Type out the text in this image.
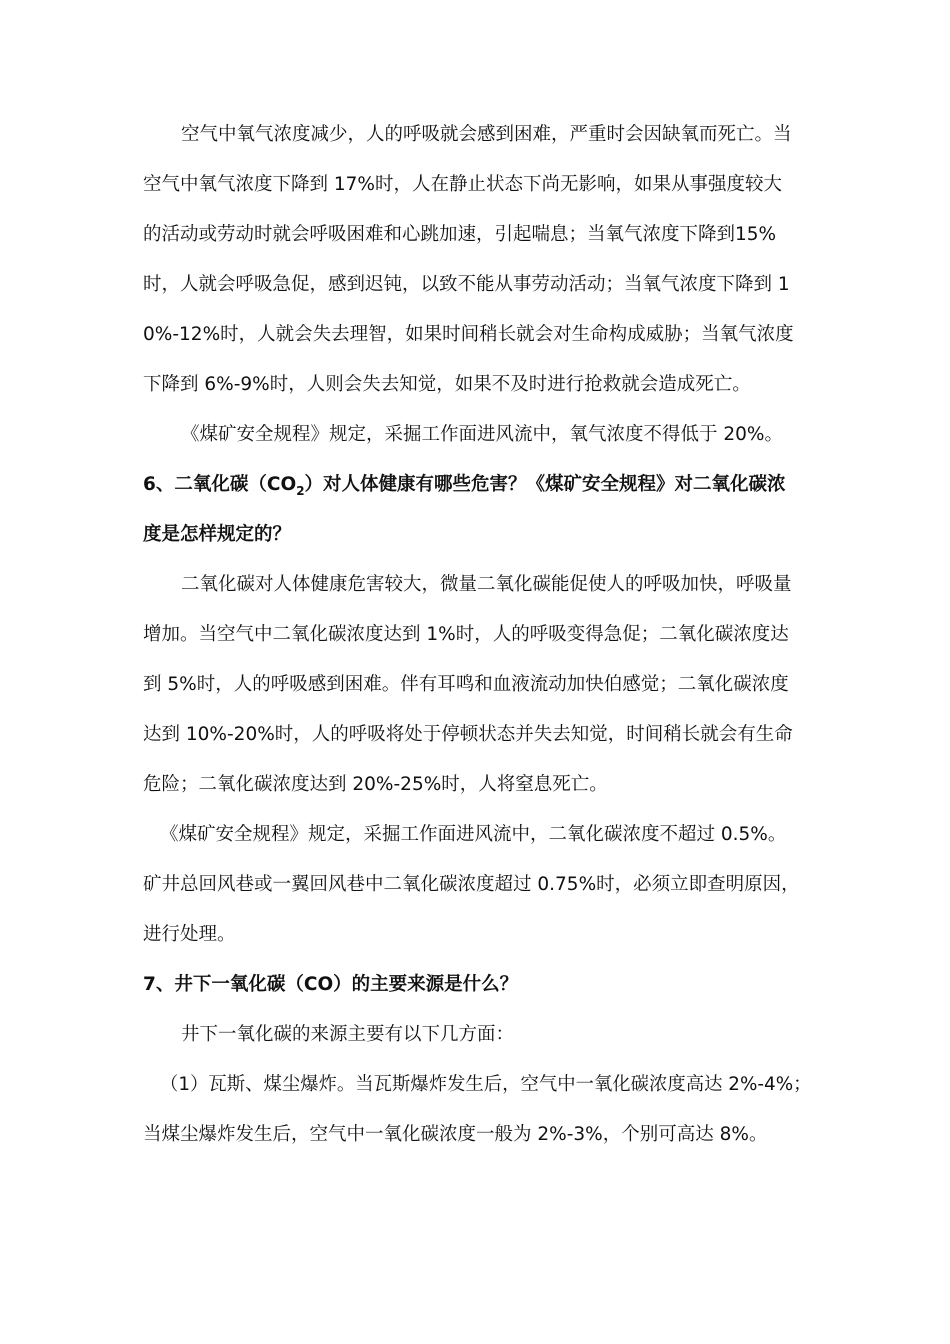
空气中氧气浓度减少，人的呼吸就会感到困难，严重时会因缺氧而死亡。当
空气中氧气浓度下降到 17%时，人在静止状态下尚无影响，如果从事强度较大
的活动或劳动时就会呼吸困难和心跳加速，引起喘息；当氧气浓度下降到15%
时，人就会呼吸急促，感到迟钝，以致不能从事劳动活动；当氧气浓度下降到 1
0%-12%时，人就会失去理智，如果时间稍长就会对生命构成威胁；当氧气浓度
下降到 6%-9%时，人则会失去知觉，如果不及时进行抢救就会造成死亡。
《煤矿安全规程》规定，采掘工作面进风流中，氧气浓度不得低于 20%。
6、二氧化碳$(CO_2)$对人体健康有哪些危害？《煤矿安全规程》对二氧化碳浓
度是怎样规定的？
二氧化碳对人体健康危害较大，微量二氧化碳能促使人的呼吸加快，呼吸量
增加。当空气中二氧化碳浓度达到 1%时，人的呼吸变得急促；二氧化碳浓度达
到 5%时，人的呼吸感到困难。伴有耳鸣和血液流动加快伯感觉；二氧化碳浓度
达到 10%-20%时，人的呼吸将处于停顿状态并失去知觉，时间稍长就会有生命
危险；二氧化碳浓度达到 20%-25%时，人将窒息死亡。
《煤矿安全规程》规定，采掘工作面进风流中，二氧化碳浓度不超过 0.5%。
矿井总回风巷或一翼回风巷中二氧化碳浓度超过 0.75%时，必须立即查明原因，
进行处理。
7、井下一氧化碳（CO）的主要来源是什么？
井下一氧化碳的来源主要有以下几方面：
（1）瓦斯、煤尘爆炸。当瓦斯爆炸发生后，空气中一氧化碳浓度高达 2%-4%；
当煤尘爆炸发生后，空气中一氧化碳浓度一般为 2%-3%，个别可高达 8%。
